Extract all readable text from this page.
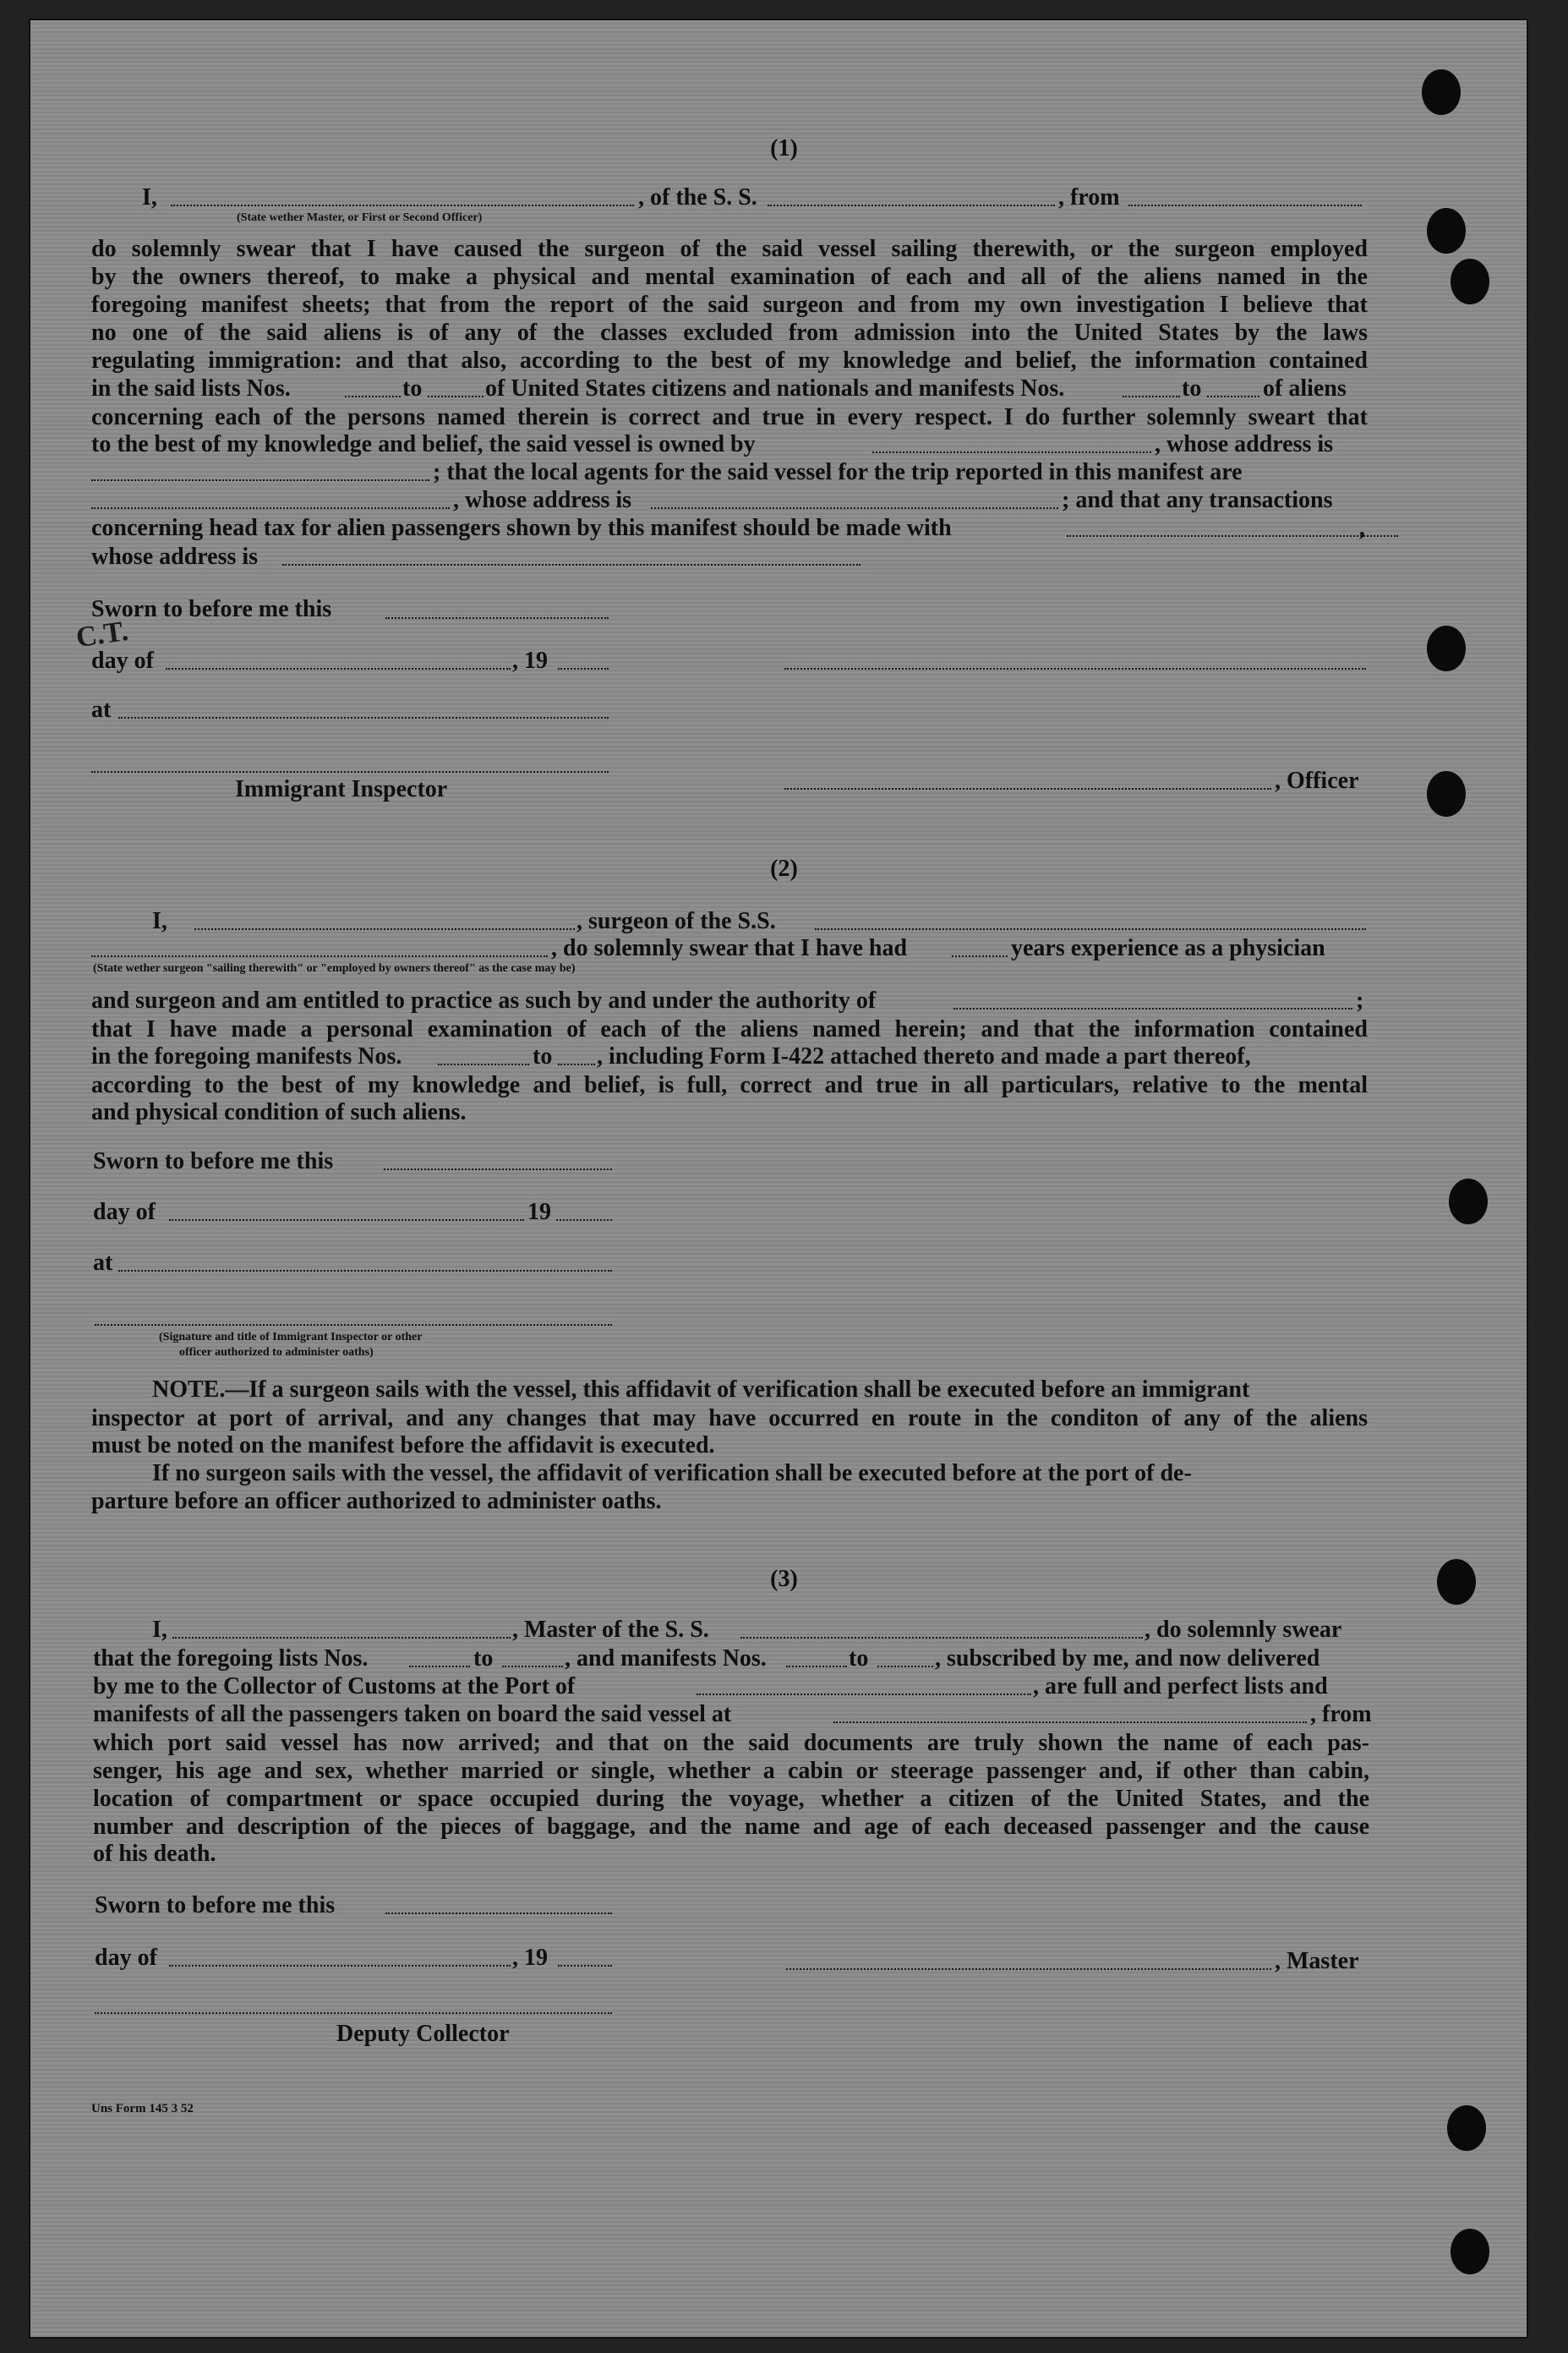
(1)
I,	, of the S. S.	, from
(State wether Master, or First or Second Officer)
do solemnly swear that I have caused the surgeon of the said vessel sailing therewith, or the surgeon employed
by the owners thereof, to make a physical and mental examination of each and all of the aliens named in the
foregoing manifest sheets; that from the report of the said surgeon and from my own investigation I believe that
no one of the said aliens is of any of the classes excluded from admission into the United States by the laws
regulating immigration: and that also, according to the best of my knowledge and belief, the information contained
in the said lists Nos.	to	of United States citizens and nationals and manifests Nos.	to	of aliens
concerning each of the persons named therein is correct and true in every respect. I do further solemnly sweart that
to the best of my knowledge and belief, the said vessel is owned by	, whose address is
; that the local agents for the said vessel for the trip reported in this manifest are
, whose address is	; and that any transactions
concerning head tax for alien passengers shown by this manifest should be made with	,
whose address is
Sworn to before me this
C.T.
day of	, 19
at
Immigrant Inspector	, Officer
(2)
I,	, surgeon of the S.S.
, do solemnly swear that I have had	years experience as a physician
(State wether surgeon "sailing therewith" or "employed by owners thereof" as the case may be)
and surgeon and am entitled to practice as such by and under the authority of	;
that I have made a personal examination of each of the aliens named herein; and that the information contained
in the foregoing manifests Nos.	to , including Form I-422 attached thereto and made a part thereof,
according to the best of my knowledge and belief, is full, correct and true in all particulars, relative to the mental
and physical condition of such aliens.
Sworn to before me this
day of	19
at
(Signature and title of Immigrant Inspector or other
officer authorized to administer oaths)
NOTE.—If a surgeon sails with the vessel, this affidavit of verification shall be executed before an immigrant
inspector at port of arrival, and any changes that may have occurred en route in the conditon of any of the aliens
must be noted on the manifest before the affidavit is executed.
If no surgeon sails with the vessel, the affidavit of verification shall be executed before at the port of de-
parture before an officer authorized to administer oaths.
(3)
I,	, Master of the S. S.	, do solemnly swear
that the foregoing lists Nos.	to	, and manifests Nos.	to	, subscribed by me, and now delivered
by me to the Collector of Customs at the Port of	, are full and perfect lists and
manifests of all the passengers taken on board the said vessel at	, from
which port said vessel has now arrived; and that on the said documents are truly shown the name of each pas-
senger, his age and sex, whether married or single, whether a cabin or steerage passenger and, if other than cabin,
location of compartment or space occupied during the voyage, whether a citizen of the United States, and the
number and description of the pieces of baggage, and the name and age of each deceased passenger and the cause
of his death.
Sworn to before me this
day of	, 19	, Master
Deputy Collector
Uns Form 145 3 52
